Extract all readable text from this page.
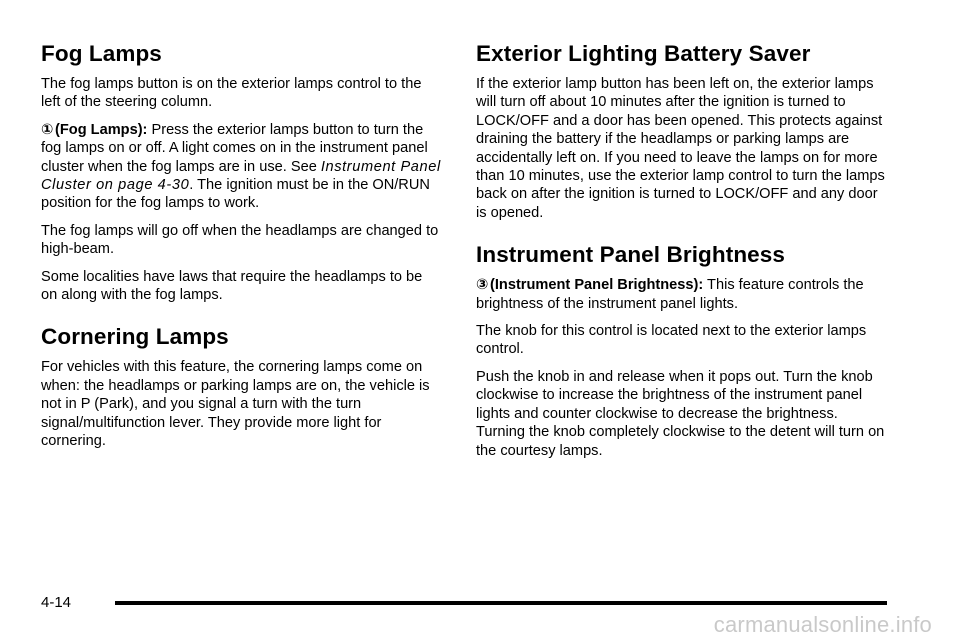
Fog Lamps

The fog lamps button is on the exterior lamps control to the left of the steering column.

① (Fog Lamps): Press the exterior lamps button to turn the fog lamps on or off. A light comes on in the instrument panel cluster when the fog lamps are in use. See Instrument Panel Cluster on page 4-30. The ignition must be in the ON/RUN position for the fog lamps to work.

The fog lamps will go off when the headlamps are changed to high-beam.

Some localities have laws that require the headlamps to be on along with the fog lamps.

Cornering Lamps

For vehicles with this feature, the cornering lamps come on when: the headlamps or parking lamps are on, the vehicle is not in P (Park), and you signal a turn with the turn signal/multifunction lever. They provide more light for cornering.

Exterior Lighting Battery Saver

If the exterior lamp button has been left on, the exterior lamps will turn off about 10 minutes after the ignition is turned to LOCK/OFF and a door has been opened. This protects against draining the battery if the headlamps or parking lamps are accidentally left on. If you need to leave the lamps on for more than 10 minutes, use the exterior lamp control to turn the lamps back on after the ignition is turned to LOCK/OFF and any door is opened.

Instrument Panel Brightness

③ (Instrument Panel Brightness): This feature controls the brightness of the instrument panel lights.

The knob for this control is located next to the exterior lamps control.

Push the knob in and release when it pops out. Turn the knob clockwise to increase the brightness of the instrument panel lights and counter clockwise to decrease the brightness. Turning the knob completely clockwise to the detent will turn on the courtesy lamps.

4-14
carmanualsonline.info
